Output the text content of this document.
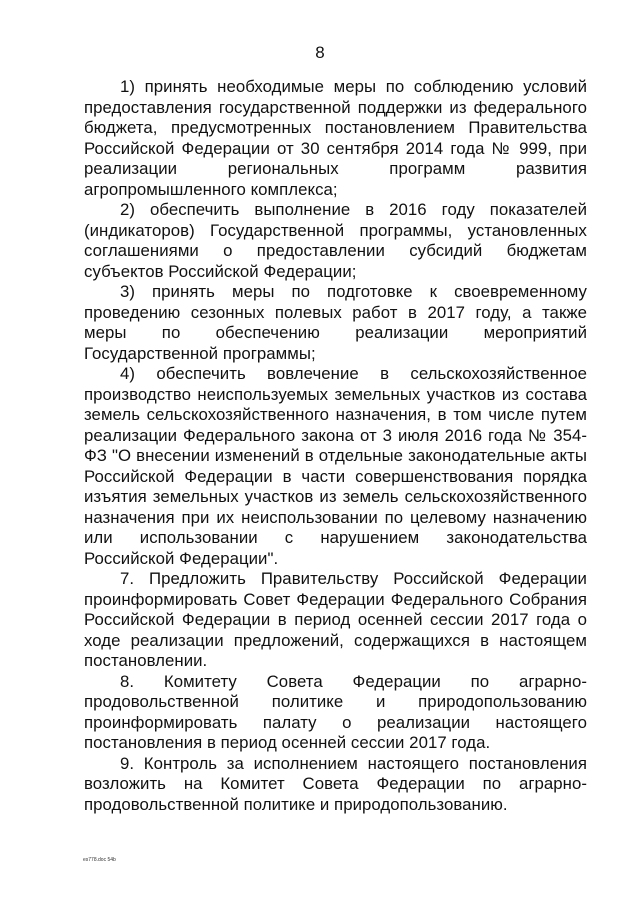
8

1) принять необходимые меры по соблюдению условий предоставления государственной поддержки из федерального бюджета, предусмотренных постановлением Правительства Российской Федерации от 30 сентября 2014 года № 999, при реализации региональных программ развития агропромышленного комплекса;

2) обеспечить выполнение в 2016 году показателей (индикаторов) Государственной программы, установленных соглашениями о предоставлении субсидий бюджетам субъектов Российской Федерации;

3) принять меры по подготовке к своевременному проведению сезонных полевых работ в 2017 году, а также меры по обеспечению реализации мероприятий Государственной программы;

4) обеспечить вовлечение в сельскохозяйственное производство неиспользуемых земельных участков из состава земель сельскохозяйственного назначения, в том числе путем реализации Федерального закона от 3 июля 2016 года № 354-ФЗ "О внесении изменений в отдельные законодательные акты Российской Федерации в части совершенствования порядка изъятия земельных участков из земель сельскохозяйственного назначения при их неиспользовании по целевому назначению или использовании с нарушением законодательства Российской Федерации".

7. Предложить Правительству Российской Федерации проинформировать Совет Федерации Федерального Собрания Российской Федерации в период осенней сессии 2017 года о ходе реализации предложений, содержащихся в настоящем постановлении.

8. Комитету Совета Федерации по аграрно-продовольственной политике и природопользованию проинформировать палату о реализации настоящего постановления в период осенней сессии 2017 года.

9. Контроль за исполнением настоящего постановления возложить на Комитет Совета Федерации по аграрно-продовольственной политике и природопользованию.

es778.doc 54b
